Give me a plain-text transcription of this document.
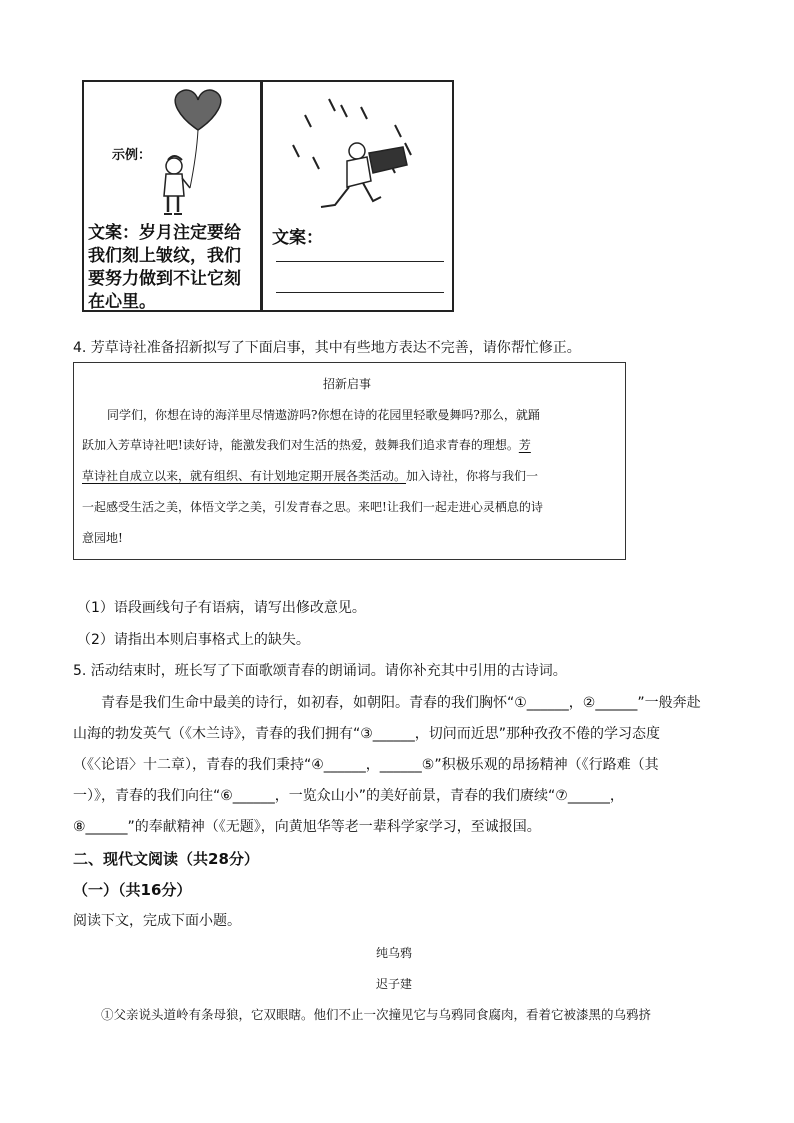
示例：
文案：岁月注定要给
我们刻上皱纹，我们
要努力做到不让它刻
在心里。
文案：
4. 芳草诗社准备招新拟写了下面启事，其中有些地方表达不完善，请你帮忙修正。
招新启事
同学们，你想在诗的海洋里尽情遨游吗?你想在诗的花园里轻歌曼舞吗?那么，就踊
跃加入芳草诗社吧!读好诗，能激发我们对生活的热爱，鼓舞我们追求青春的理想。芳
草诗社自成立以来，就有组织、有计划地定期开展各类活动。加入诗社，你将与我们一
一起感受生活之美，体悟文学之美，引发青春之思。来吧!让我们一起走进心灵栖息的诗
意园地!
（1）语段画线句子有语病，请写出修改意见。
（2）请指出本则启事格式上的缺失。
5. 活动结束时，班长写了下面歌颂青春的朗诵词。请你补充其中引用的古诗词。
青春是我们生命中最美的诗行，如初春，如朝阳。青春的我们胸怀“①______，②______”一般奔赴
山海的勃发英气（《木兰诗》，青春的我们拥有“③______，切问而近思”那种孜孜不倦的学习态度
（《〈论语〉十二章），青春的我们秉持“④______，______⑤”积极乐观的昂扬精神（《行路难（其
一）》，青春的我们向往“⑥______，一览众山小”的美好前景，青春的我们赓续“⑦______，
⑧______”的奉献精神（《无题》，向黄旭华等老一辈科学家学习，至诚报国。
二、现代文阅读（共28分）
（一）（共16分）
阅读下文，完成下面小题。
纯乌鸦
迟子建
①父亲说头道岭有条母狼，它双眼瞎。他们不止一次撞见它与乌鸦同食腐肉，看着它被漆黑的乌鸦挤
